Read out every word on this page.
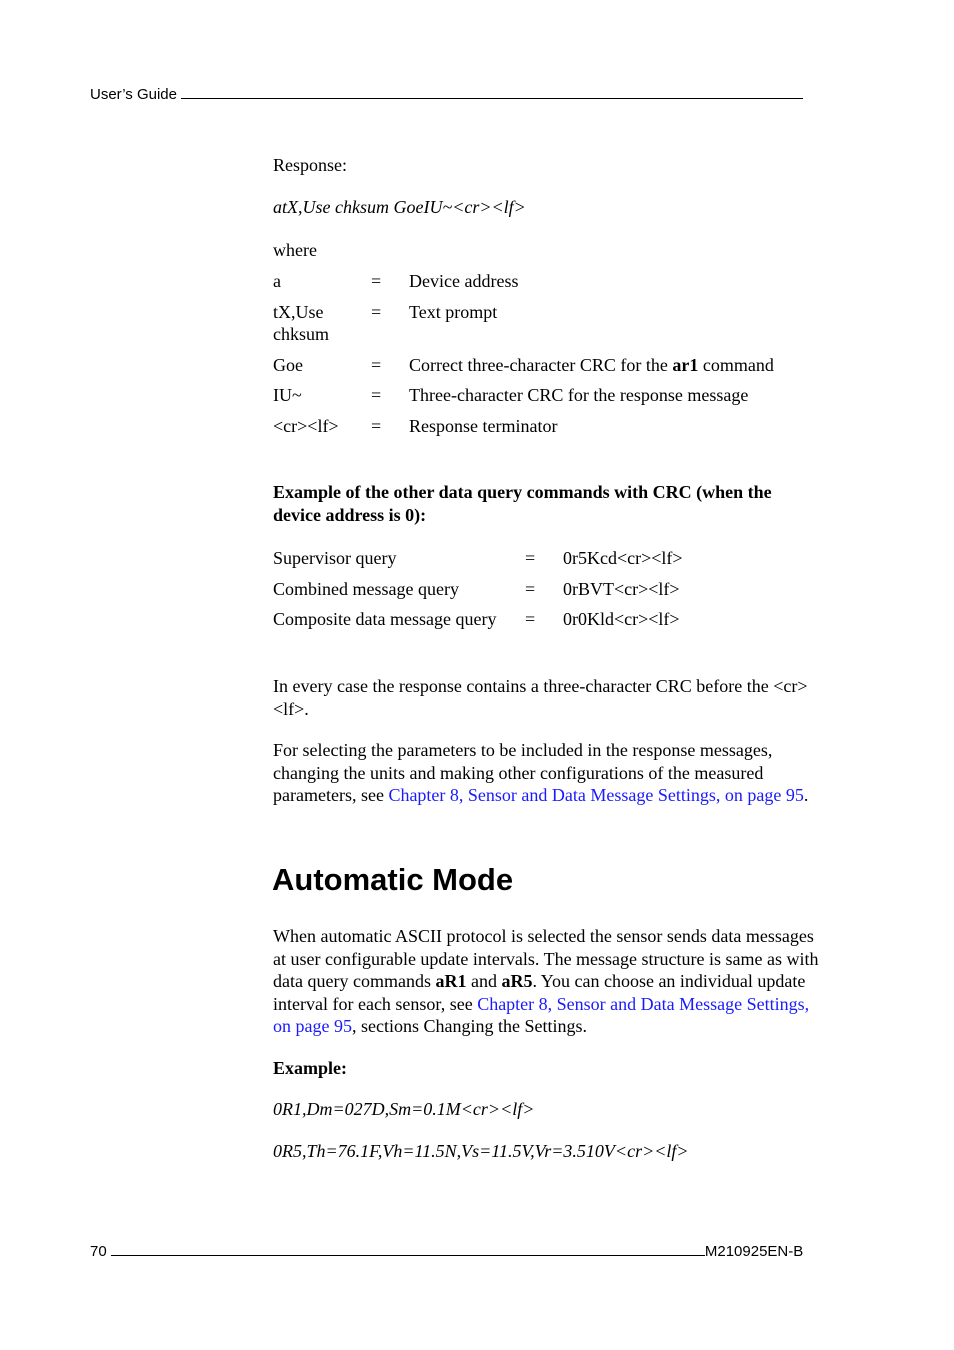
User’s Guide
Response:
atX,Use chksum GoeIU~<cr><lf>
where
a	=	Device address
tX,Use chksum	=	Text prompt
Goe	=	Correct three-character CRC for the ar1 command
IU~	=	Three-character CRC for the response message
<cr><lf>	=	Response terminator
Example of the other data query commands with CRC (when the device address is 0):
Supervisor query	=	0r5Kcd<cr><lf>
Combined message query	=	0rBVT<cr><lf>
Composite data message query	=	0r0Kld<cr><lf>
In every case the response contains a three-character CRC before the <cr><lf>.
For selecting the parameters to be included in the response messages, changing the units and making other configurations of the measured parameters, see Chapter 8, Sensor and Data Message Settings, on page 95.
Automatic Mode
When automatic ASCII protocol is selected the sensor sends data messages at user configurable update intervals. The message structure is same as with data query commands aR1 and aR5. You can choose an individual update interval for each sensor, see Chapter 8, Sensor and Data Message Settings, on page 95, sections Changing the Settings.
Example:
0R1,Dm=027D,Sm=0.1M<cr><lf>
0R5,Th=76.1F,Vh=11.5N,Vs=11.5V,Vr=3.510V<cr><lf>
70	M210925EN-B
